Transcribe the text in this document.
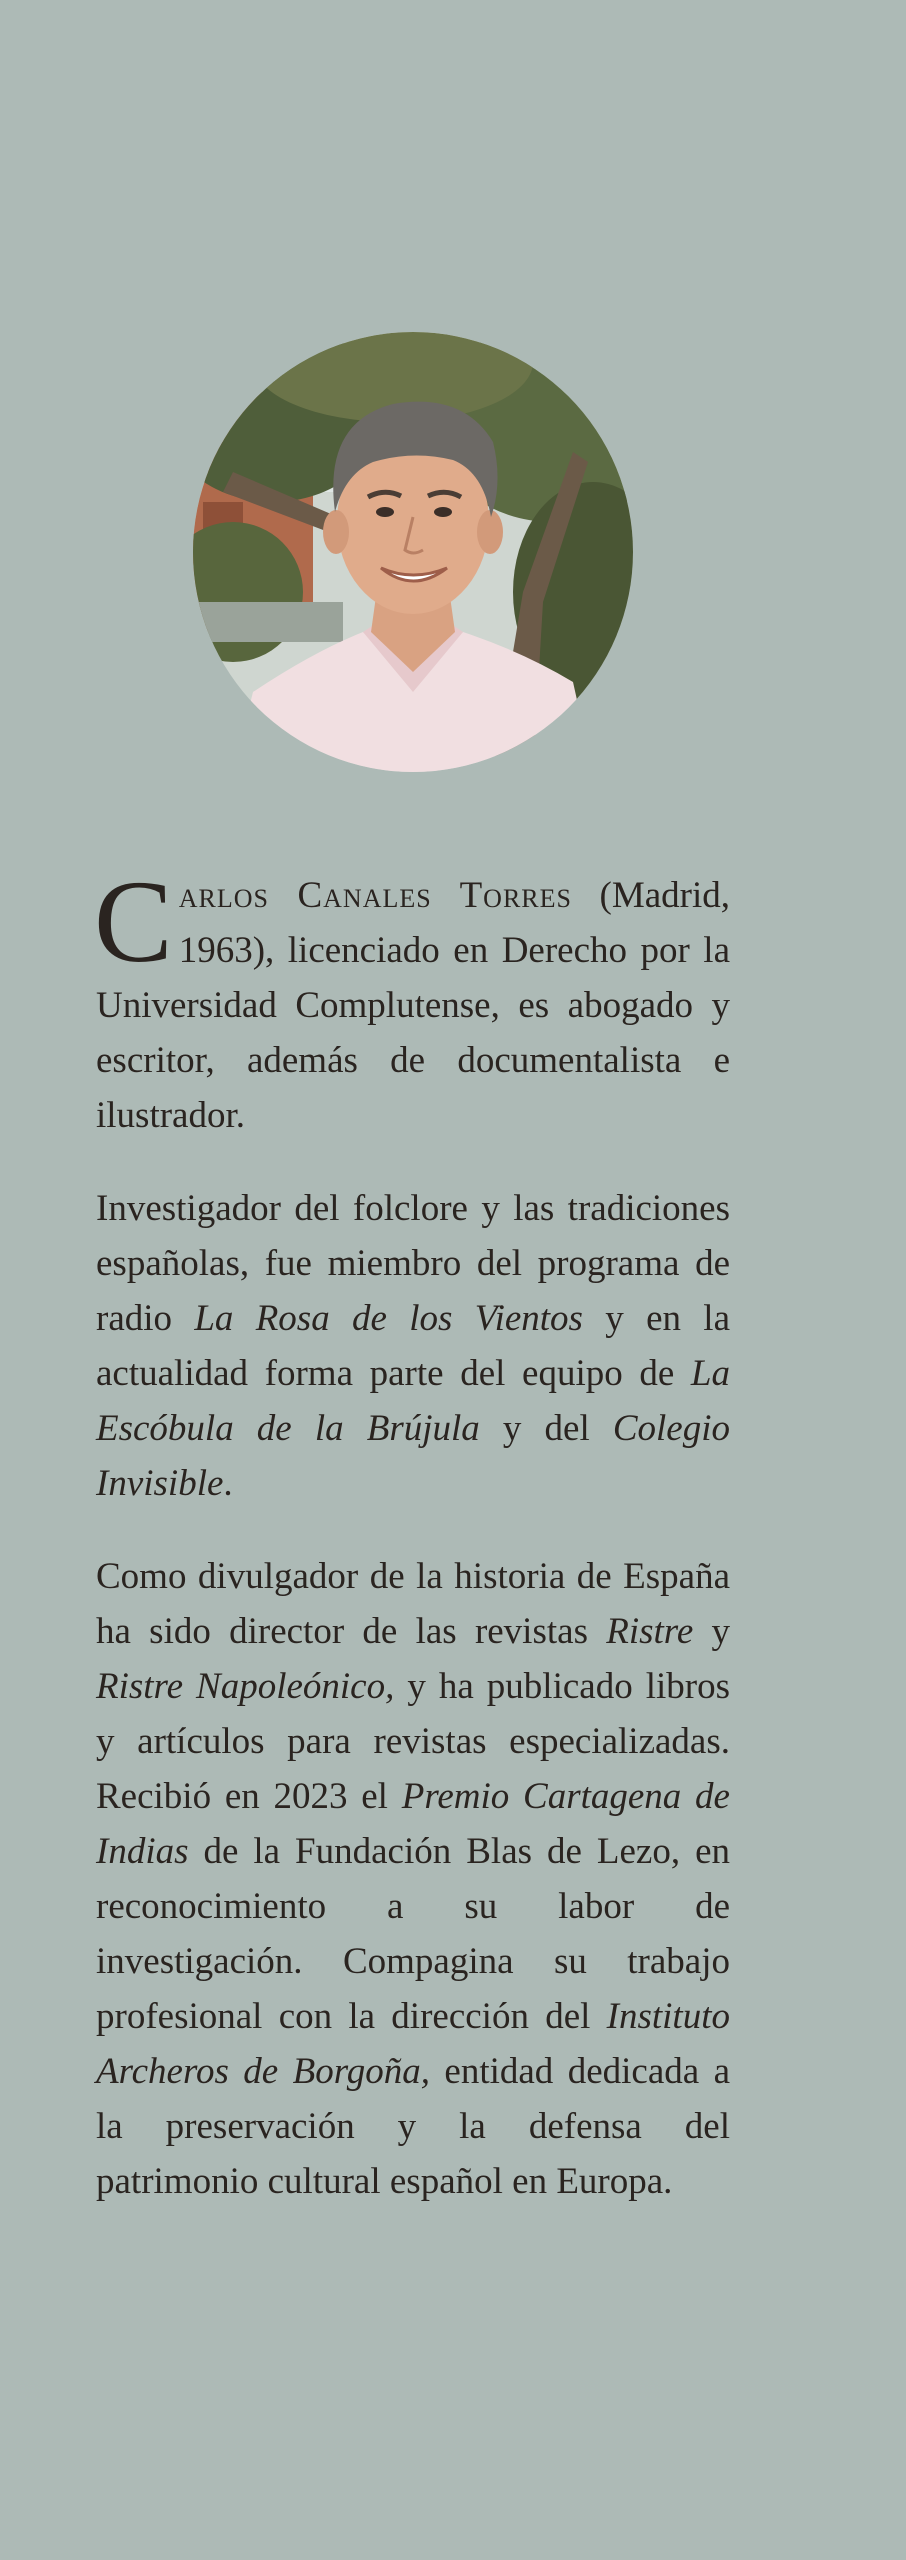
Carlos Canales Torres (Madrid, 1963), licenciado en Derecho por la Universidad Complutense, es abogado y escritor, además de documentalista e ilustrador.

Investigador del folclore y las tradiciones españolas, fue miembro del programa de radio La Rosa de los Vientos y en la actualidad forma parte del equipo de La Escóbula de la Brújula y del Colegio Invisible.

Como divulgador de la historia de España ha sido director de las revistas Ristre y Ristre Napoleónico, y ha publicado libros y artículos para revistas especializadas. Recibió en 2023 el Premio Cartagena de Indias de la Fundación Blas de Lezo, en reconocimiento a su labor de investigación. Compagina su trabajo profesional con la dirección del Instituto Archeros de Borgoña, entidad dedicada a la preservación y la defensa del patrimonio cultural español en Europa.
